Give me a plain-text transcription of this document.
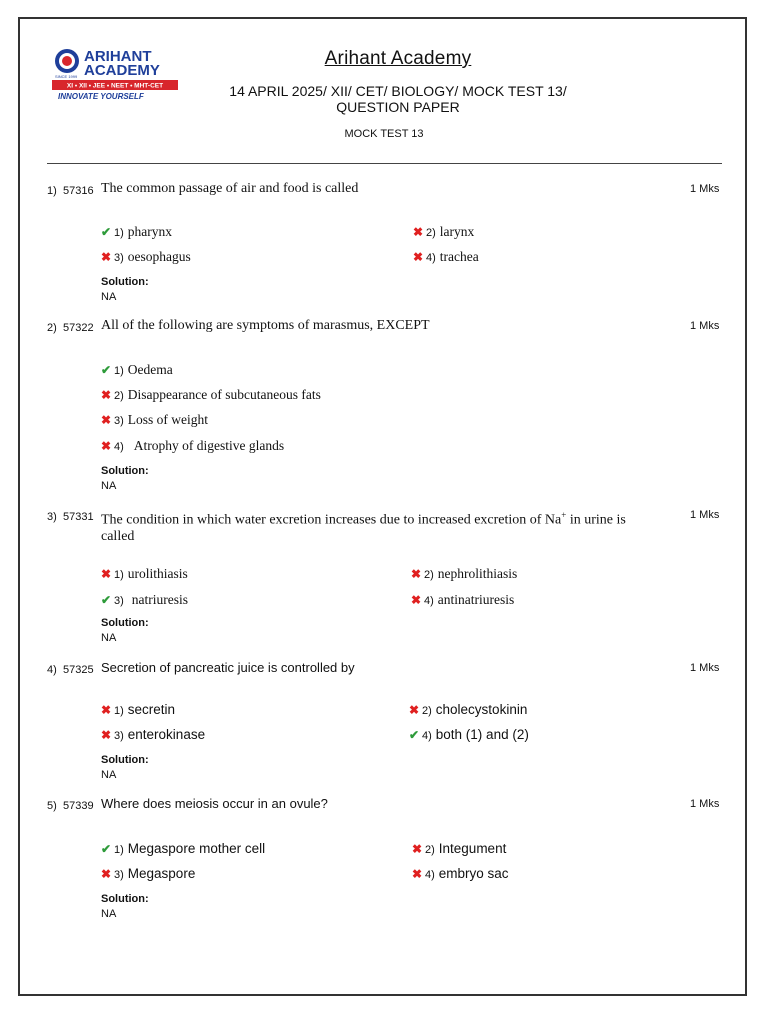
ARIHANT
ACADEMY
SINCE 1999
XI • XII • JEE • NEET • MHT-CET
INNOVATE YOURSELF
Arihant Academy
14 APRIL 2025/ XII/ CET/ BIOLOGY/ MOCK TEST 13/
QUESTION PAPER
MOCK TEST 13
1) 57316 The common passage of air and food is called	1 Mks
✔ 1) pharynx	✖ 2) larynx
✖ 3) oesophagus	✖ 4) trachea
Solution:
NA
2) 57322 All of the following are symptoms of marasmus, EXCEPT	1 Mks
✔ 1) Oedema
✖ 2) Disappearance of subcutaneous fats
✖ 3) Loss of weight
✖ 4) Atrophy of digestive glands
Solution:
NA
3) 57331 The condition in which water excretion increases due to increased excretion of Na+ in urine is called
1 Mks
✖ 1) urolithiasis	✖ 2) nephrolithiasis
✔ 3) natriuresis	✖ 4) antinatriuresis
Solution:
NA
4) 57325 Secretion of pancreatic juice is controlled by	1 Mks
✖ 1) secretin	✖ 2) cholecystokinin
✖ 3) enterokinase	✔ 4) both (1) and (2)
Solution:
NA
5) 57339 Where does meiosis occur in an ovule?	1 Mks
✔ 1) Megaspore mother cell	✖ 2) Integument
✖ 3) Megaspore	✖ 4) embryo sac
Solution:
NA
